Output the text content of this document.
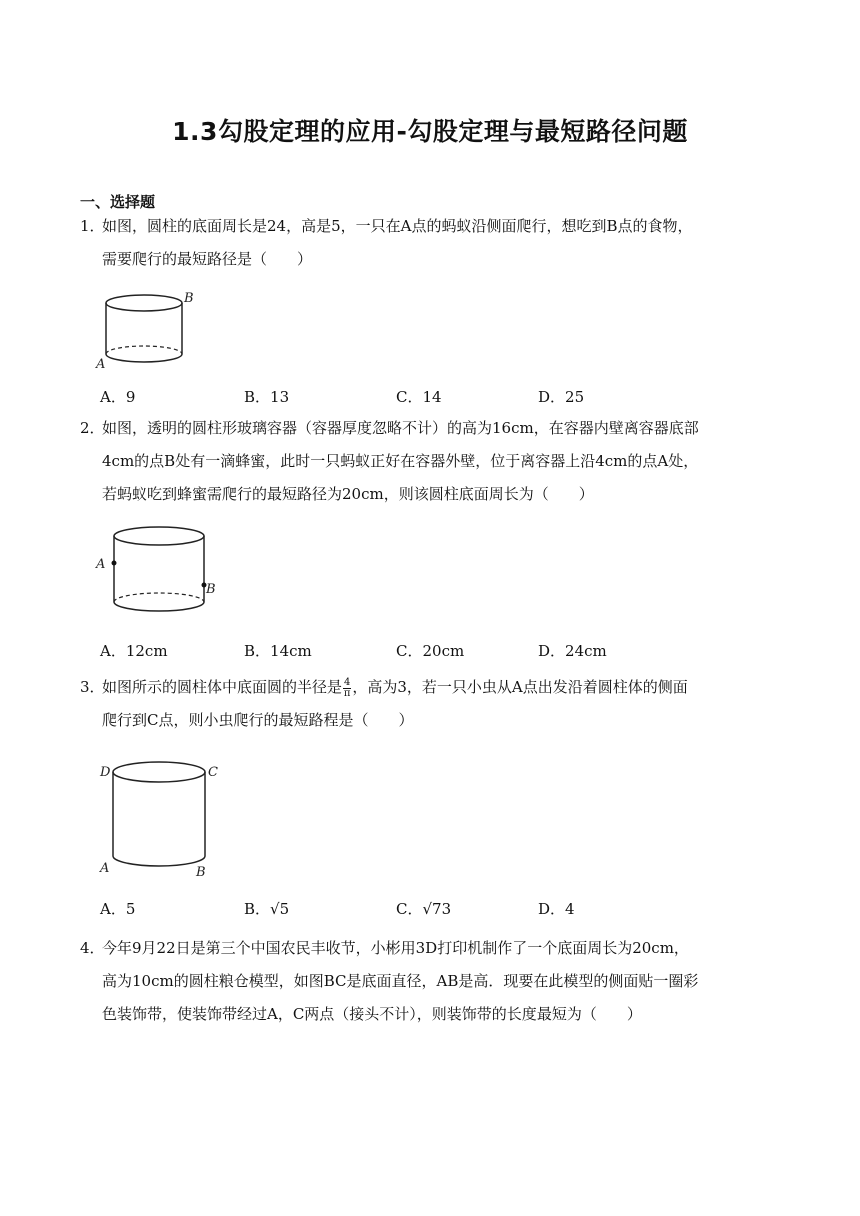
1.3勾股定理的应用-勾股定理与最短路径问题
一、选择题
1．如图，圆柱的底面周长是24，高是5，一只在A点的蚂蚁沿侧面爬行，想吃到B点的食物，
需要爬行的最短路径是（　　）
B
A
A．9	B．13	C．14	D．25
2．如图，透明的圆柱形玻璃容器（容器厚度忽略不计）的高为16cm，在容器内壁离容器底部
4cm的点B处有一滴蜂蜜，此时一只蚂蚁正好在容器外壁，位于离容器上沿4cm的点A处，
若蚂蚁吃到蜂蜜需爬行的最短路径为20cm，则该圆柱底面周长为（　　）
A
B
A．12cm	B．14cm	C．20cm	D．24cm
3．如图所示的圆柱体中底面圆的半径是 $\frac{4}{\pi}$ ，高为3，若一只小虫从A点出发沿着圆柱体的侧面
爬行到C点，则小虫爬行的最短路程是（　　）
D	C
A	B
A．5	B．√5	C．√73	D．4
4．今年9月22日是第三个中国农民丰收节，小彬用3D打印机制作了一个底面周长为20cm，
高为10cm的圆柱粮仓模型，如图BC是底面直径，AB是高．现要在此模型的侧面贴一圈彩
色装饰带，使装饰带经过A，C两点（接头不计），则装饰带的长度最短为（　　）
